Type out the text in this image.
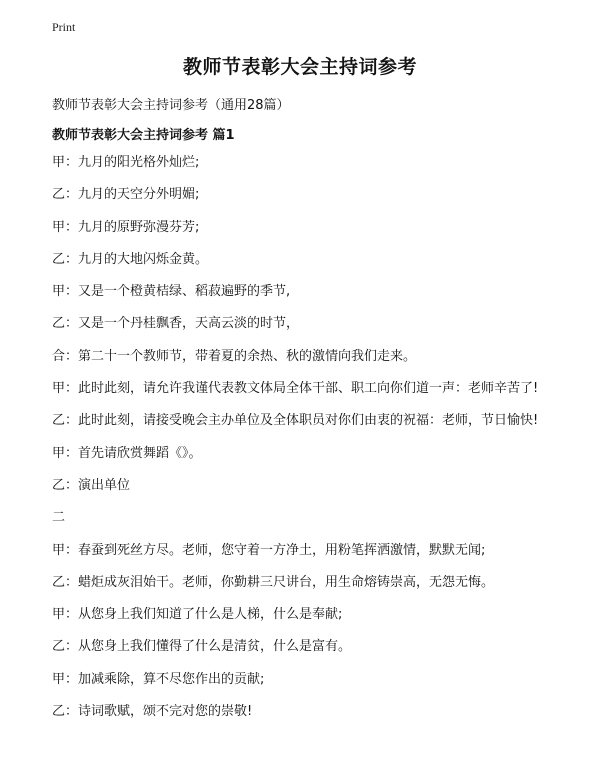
Print
教师节表彰大会主持词参考
教师节表彰大会主持词参考（通用28篇）
教师节表彰大会主持词参考 篇1
甲：九月的阳光格外灿烂;
乙：九月的天空分外明媚;
甲：九月的原野弥漫芬芳;
乙：九月的大地闪烁金黄。
甲：又是一个橙黄桔绿、稻菽遍野的季节,
乙：又是一个丹桂飘香，天高云淡的时节，
合：第二十一个教师节，带着夏的余热、秋的激情向我们走来。
甲：此时此刻，请允许我谨代表教文体局全体干部、职工向你们道一声：老师辛苦了!
乙：此时此刻，请接受晚会主办单位及全体职员对你们由衷的祝福：老师，节日愉快!
甲：首先请欣赏舞蹈《》。
乙：演出单位
二
甲：春蚕到死丝方尽。老师，您守着一方净土，用粉笔挥洒激情，默默无闻;
乙：蜡炬成灰泪始干。老师，你勤耕三尺讲台，用生命熔铸崇高，无怨无悔。
甲：从您身上我们知道了什么是人梯，什么是奉献;
乙：从您身上我们懂得了什么是清贫，什么是富有。
甲：加减乘除，算不尽您作出的贡献;
乙：诗词歌赋，颂不完对您的崇敬!
